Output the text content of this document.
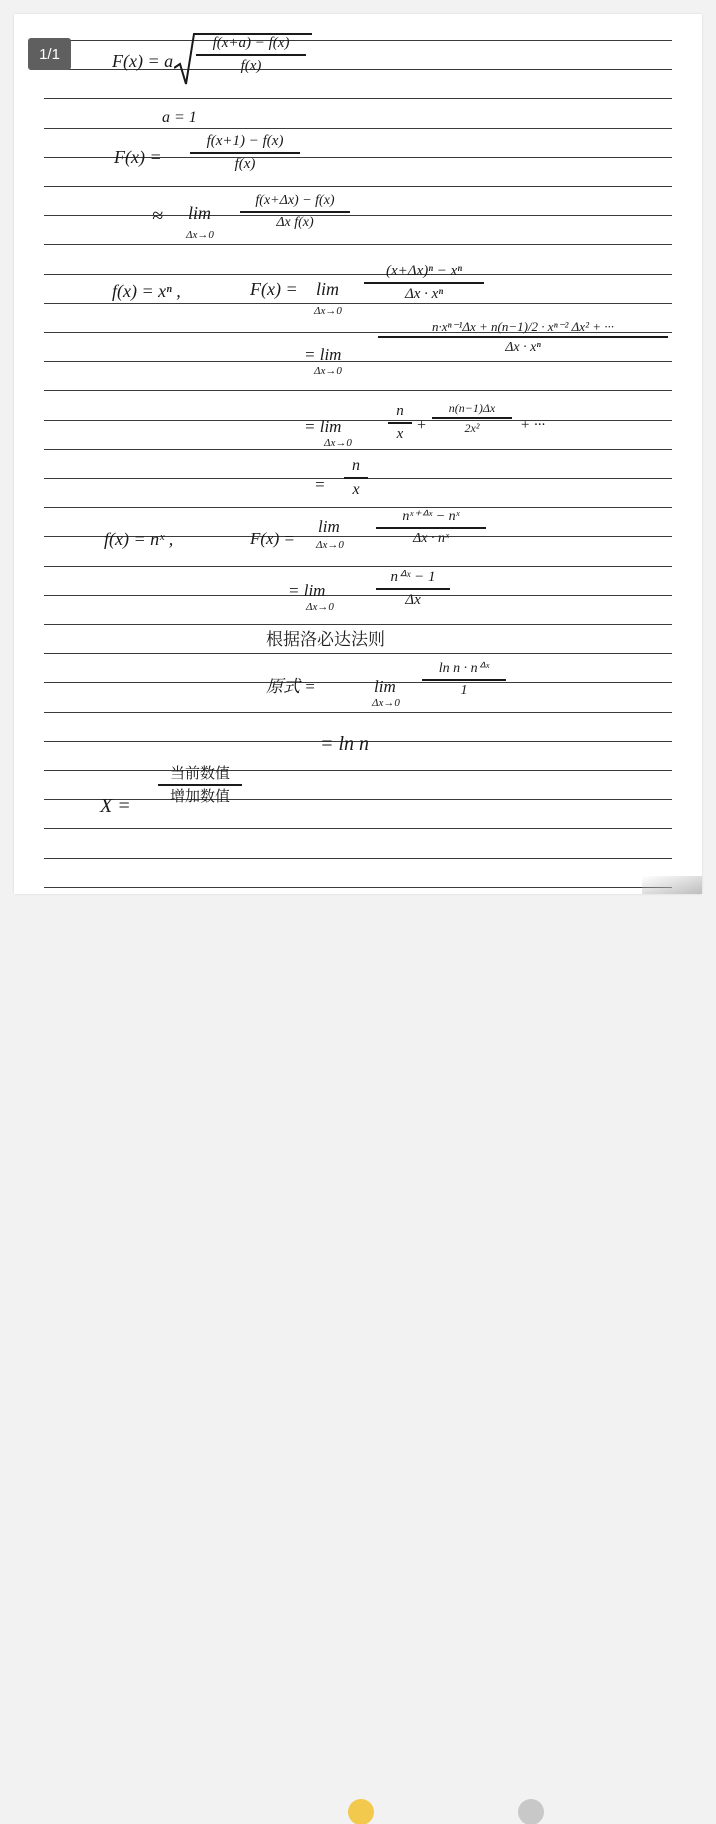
F(x) = a
f(x+a) − f(x)
f(x)
a = 1
F(x) =
f(x+1) − f(x)
f(x)
≈ lim
Δx→0
f(x+Δx) − f(x)
Δx f(x)
f(x) = xⁿ ,	F(x) = lim
Δx→0
(x+Δx)ⁿ − xⁿ
Δx · xⁿ
= lim
Δx→0
n·xⁿ⁻¹Δx + n(n−1)/2 · xⁿ⁻² Δx² + ···
Δx · xⁿ
= lim
Δx→0
n
x +
n(n−1)Δx
2x²	+ ···
=
n
x
f(x) = nˣ ,	F(x) =
lim
Δx→0
nˣ⁺ᐞˣ − nˣ
Δx · nˣ
= lim
Δx→0
nᐞˣ − 1
Δx
根据洛必达法则
原式 =	lim
Δx→0
ln n · nᐞˣ
1
= ln n
X =
当前数值
增加数值
1/1
